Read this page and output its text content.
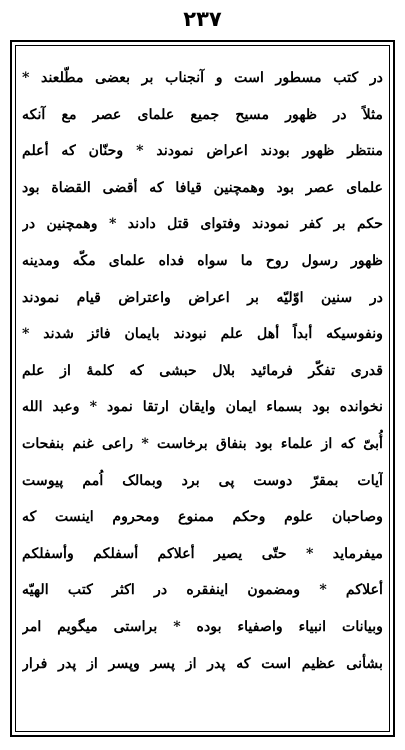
۲۳۷
در کتب مسطور است و آنجناب بر بعضی مطّلعند *
مثلاً در ظهور مسیح جمیع علمای عصر مع آنکه
منتظر ظهور بودند اعراض نمودند * وحنّان که أعلم
علمای عصر بود وهمچنین قیافا که أقضی القضاة بود
حکم بر کفر نمودند وفتوای قتل دادند * وهمچنین در
ظهور رسول روح ما سواه فداه علمای مکّه ومدینه
در سنین اوّلیّه بر اعراض واعتراض قیام نمودند
ونفوسیکه أبداً أهل علم نبودند بایمان فائز شدند *
قدری تفکّر فرمائید بلال حبشی که کلمهٔ از علم
نخوانده بود بسماء ایمان وایقان ارتقا نمود * وعبد الله
أُبیّ که از علماء بود بنفاق برخاست * راعی غنم بنفحات
آیات بمقرّ دوست پی برد وبمالک اُمم پیوست
وصاحبان علوم وحکم ممنوع ومحروم اینست که
میفرماید * حتّی یصیر أعلاکم أسفلکم وأسفلکم
أعلاکم * ومضمون اینفقره در اکثر کتب الهیّه
وبیانات انبیاء واصفیاء بوده * براستی میگویم امر
بشأنی عظیم است که پدر از پسر وپسر از پدر فرار
